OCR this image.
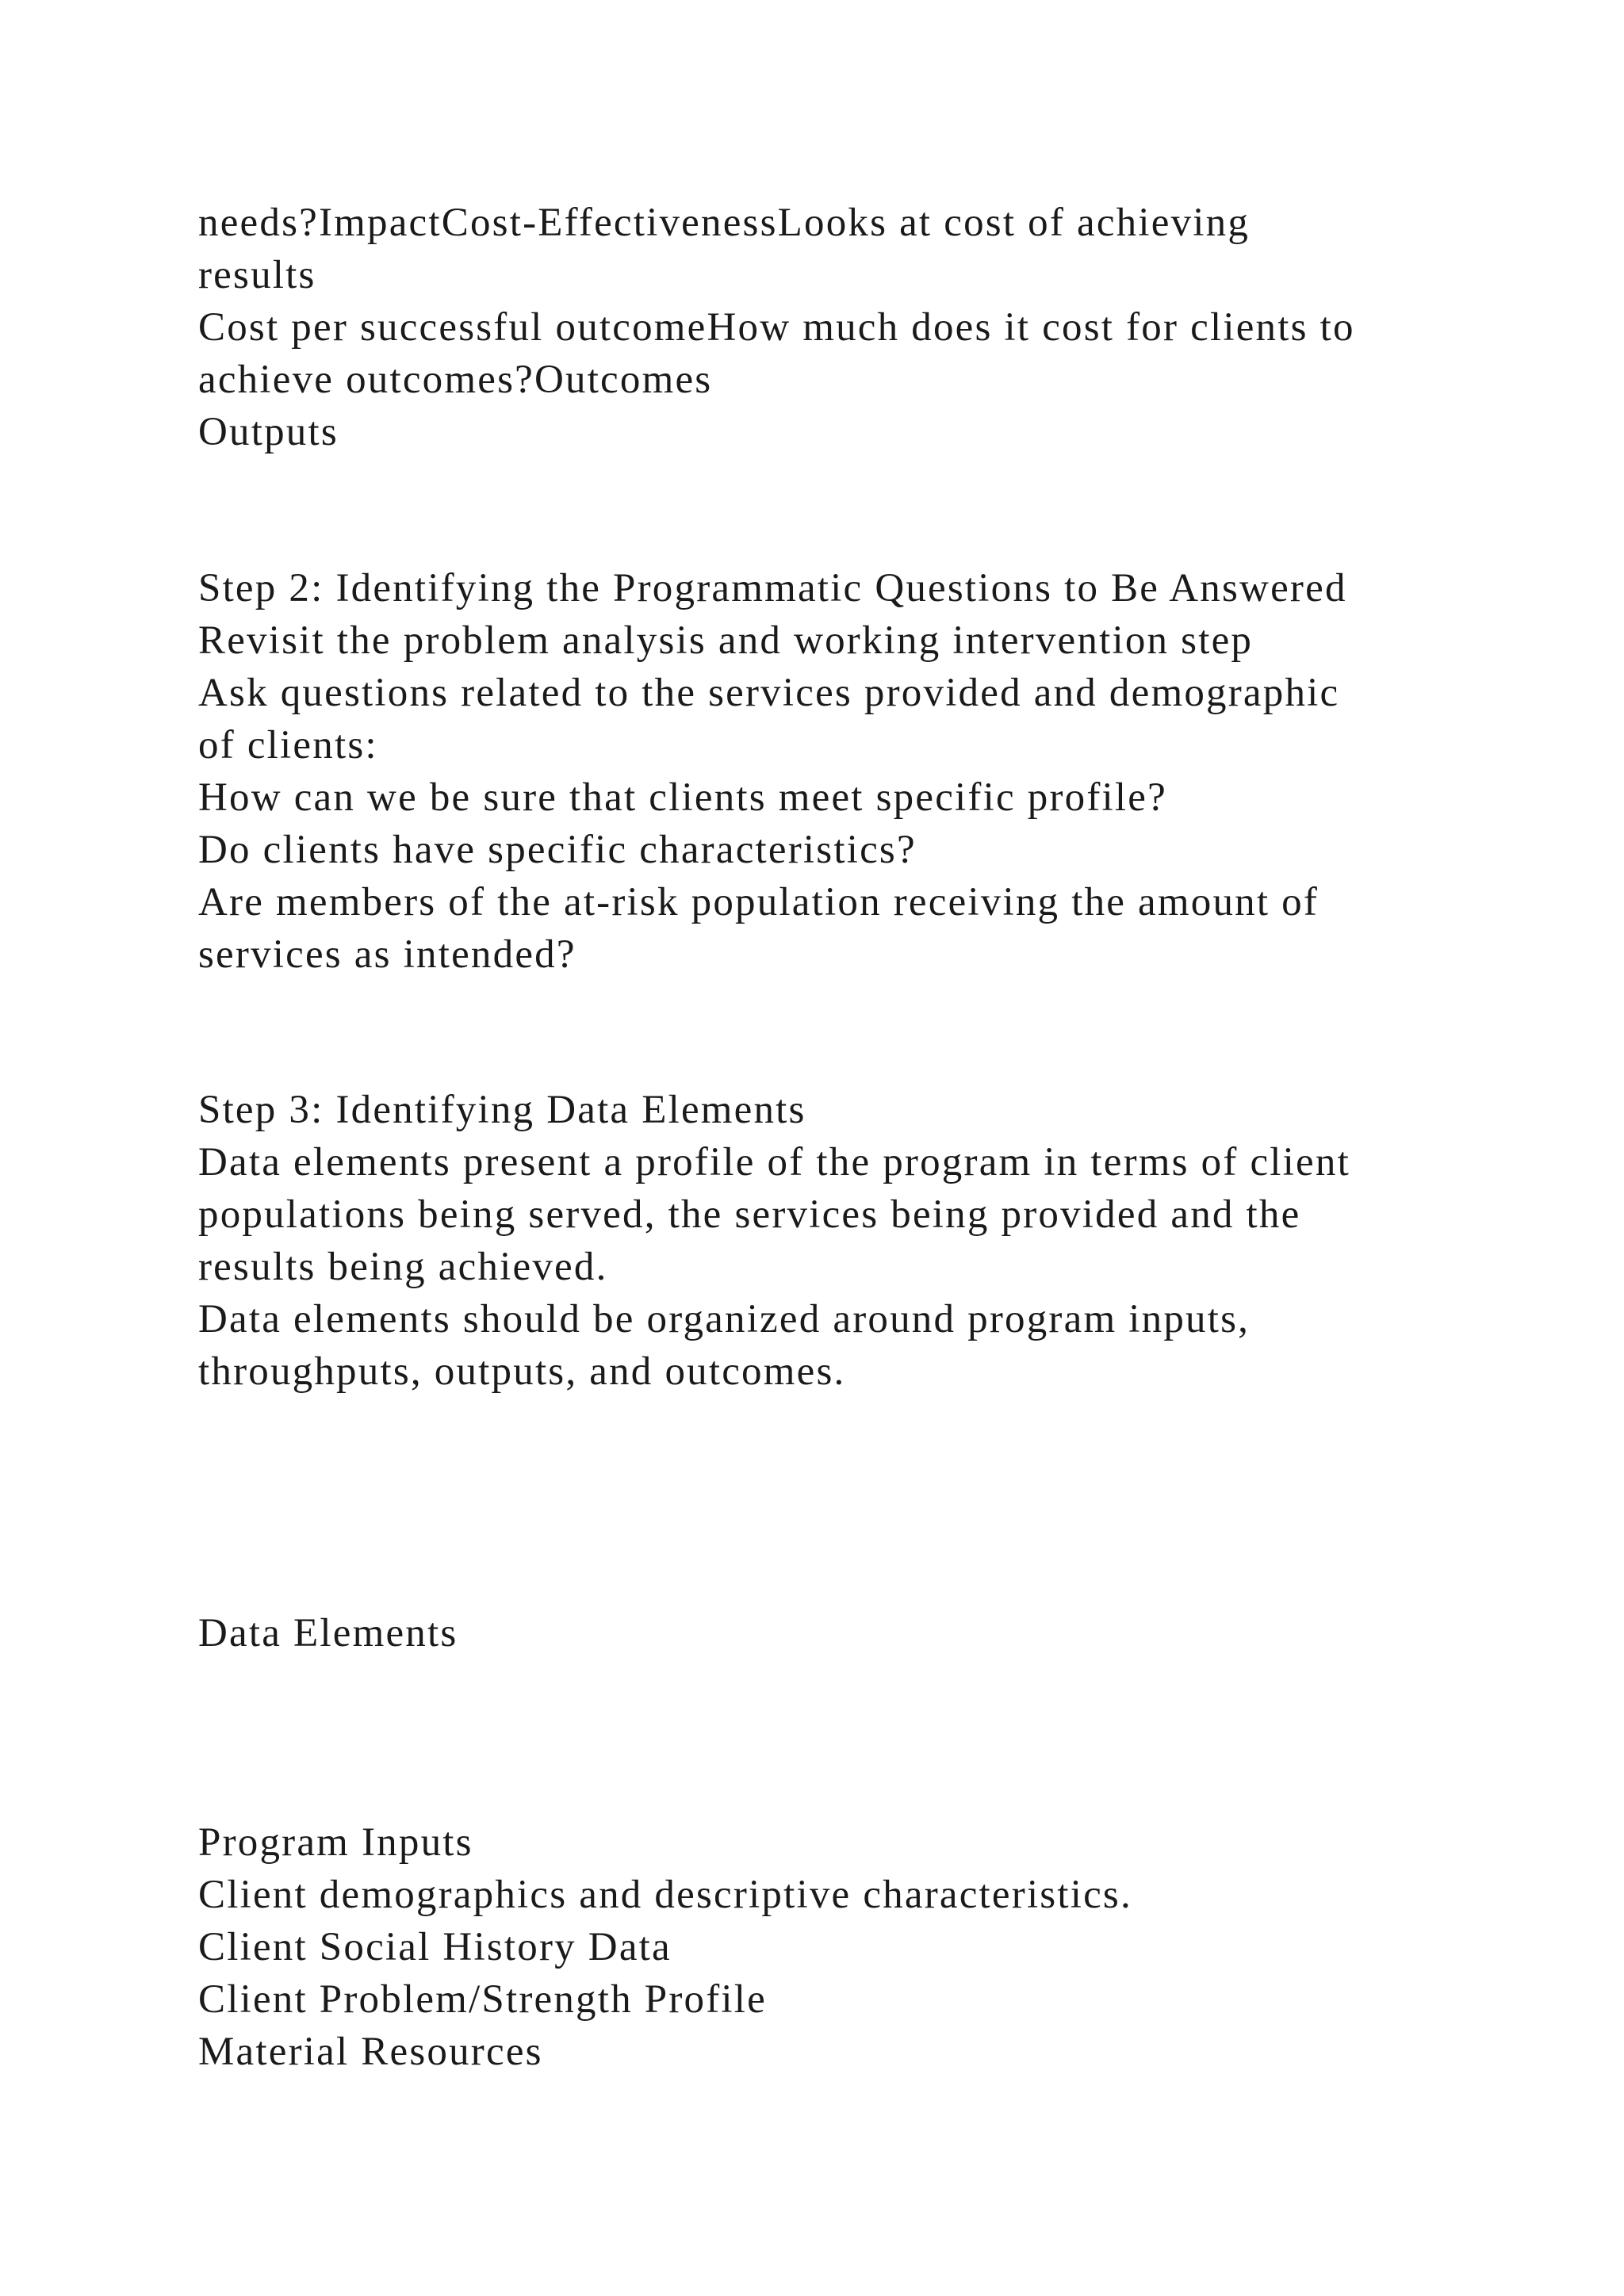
needs?ImpactCost-EffectivenessLooks at cost of achieving

results

Cost per successful outcomeHow much does it cost for clients to

achieve outcomes?Outcomes

Outputs

Step 2: Identifying the Programmatic Questions to Be Answered

Revisit the problem analysis and working intervention step

Ask questions related to the services provided and demographic

of clients:

How can we be sure that clients meet specific profile?

Do clients have specific characteristics?

Are members of the at-risk population receiving the amount of

services as intended?

Step 3: Identifying Data Elements

Data elements present a profile of the program in terms of client

populations being served, the services being provided and the

results being achieved.

Data elements should be organized around program inputs,

throughputs, outputs, and outcomes.

Data Elements

Program Inputs

Client demographics and descriptive characteristics.

Client Social History Data

Client Problem/Strength Profile

Material Resources
